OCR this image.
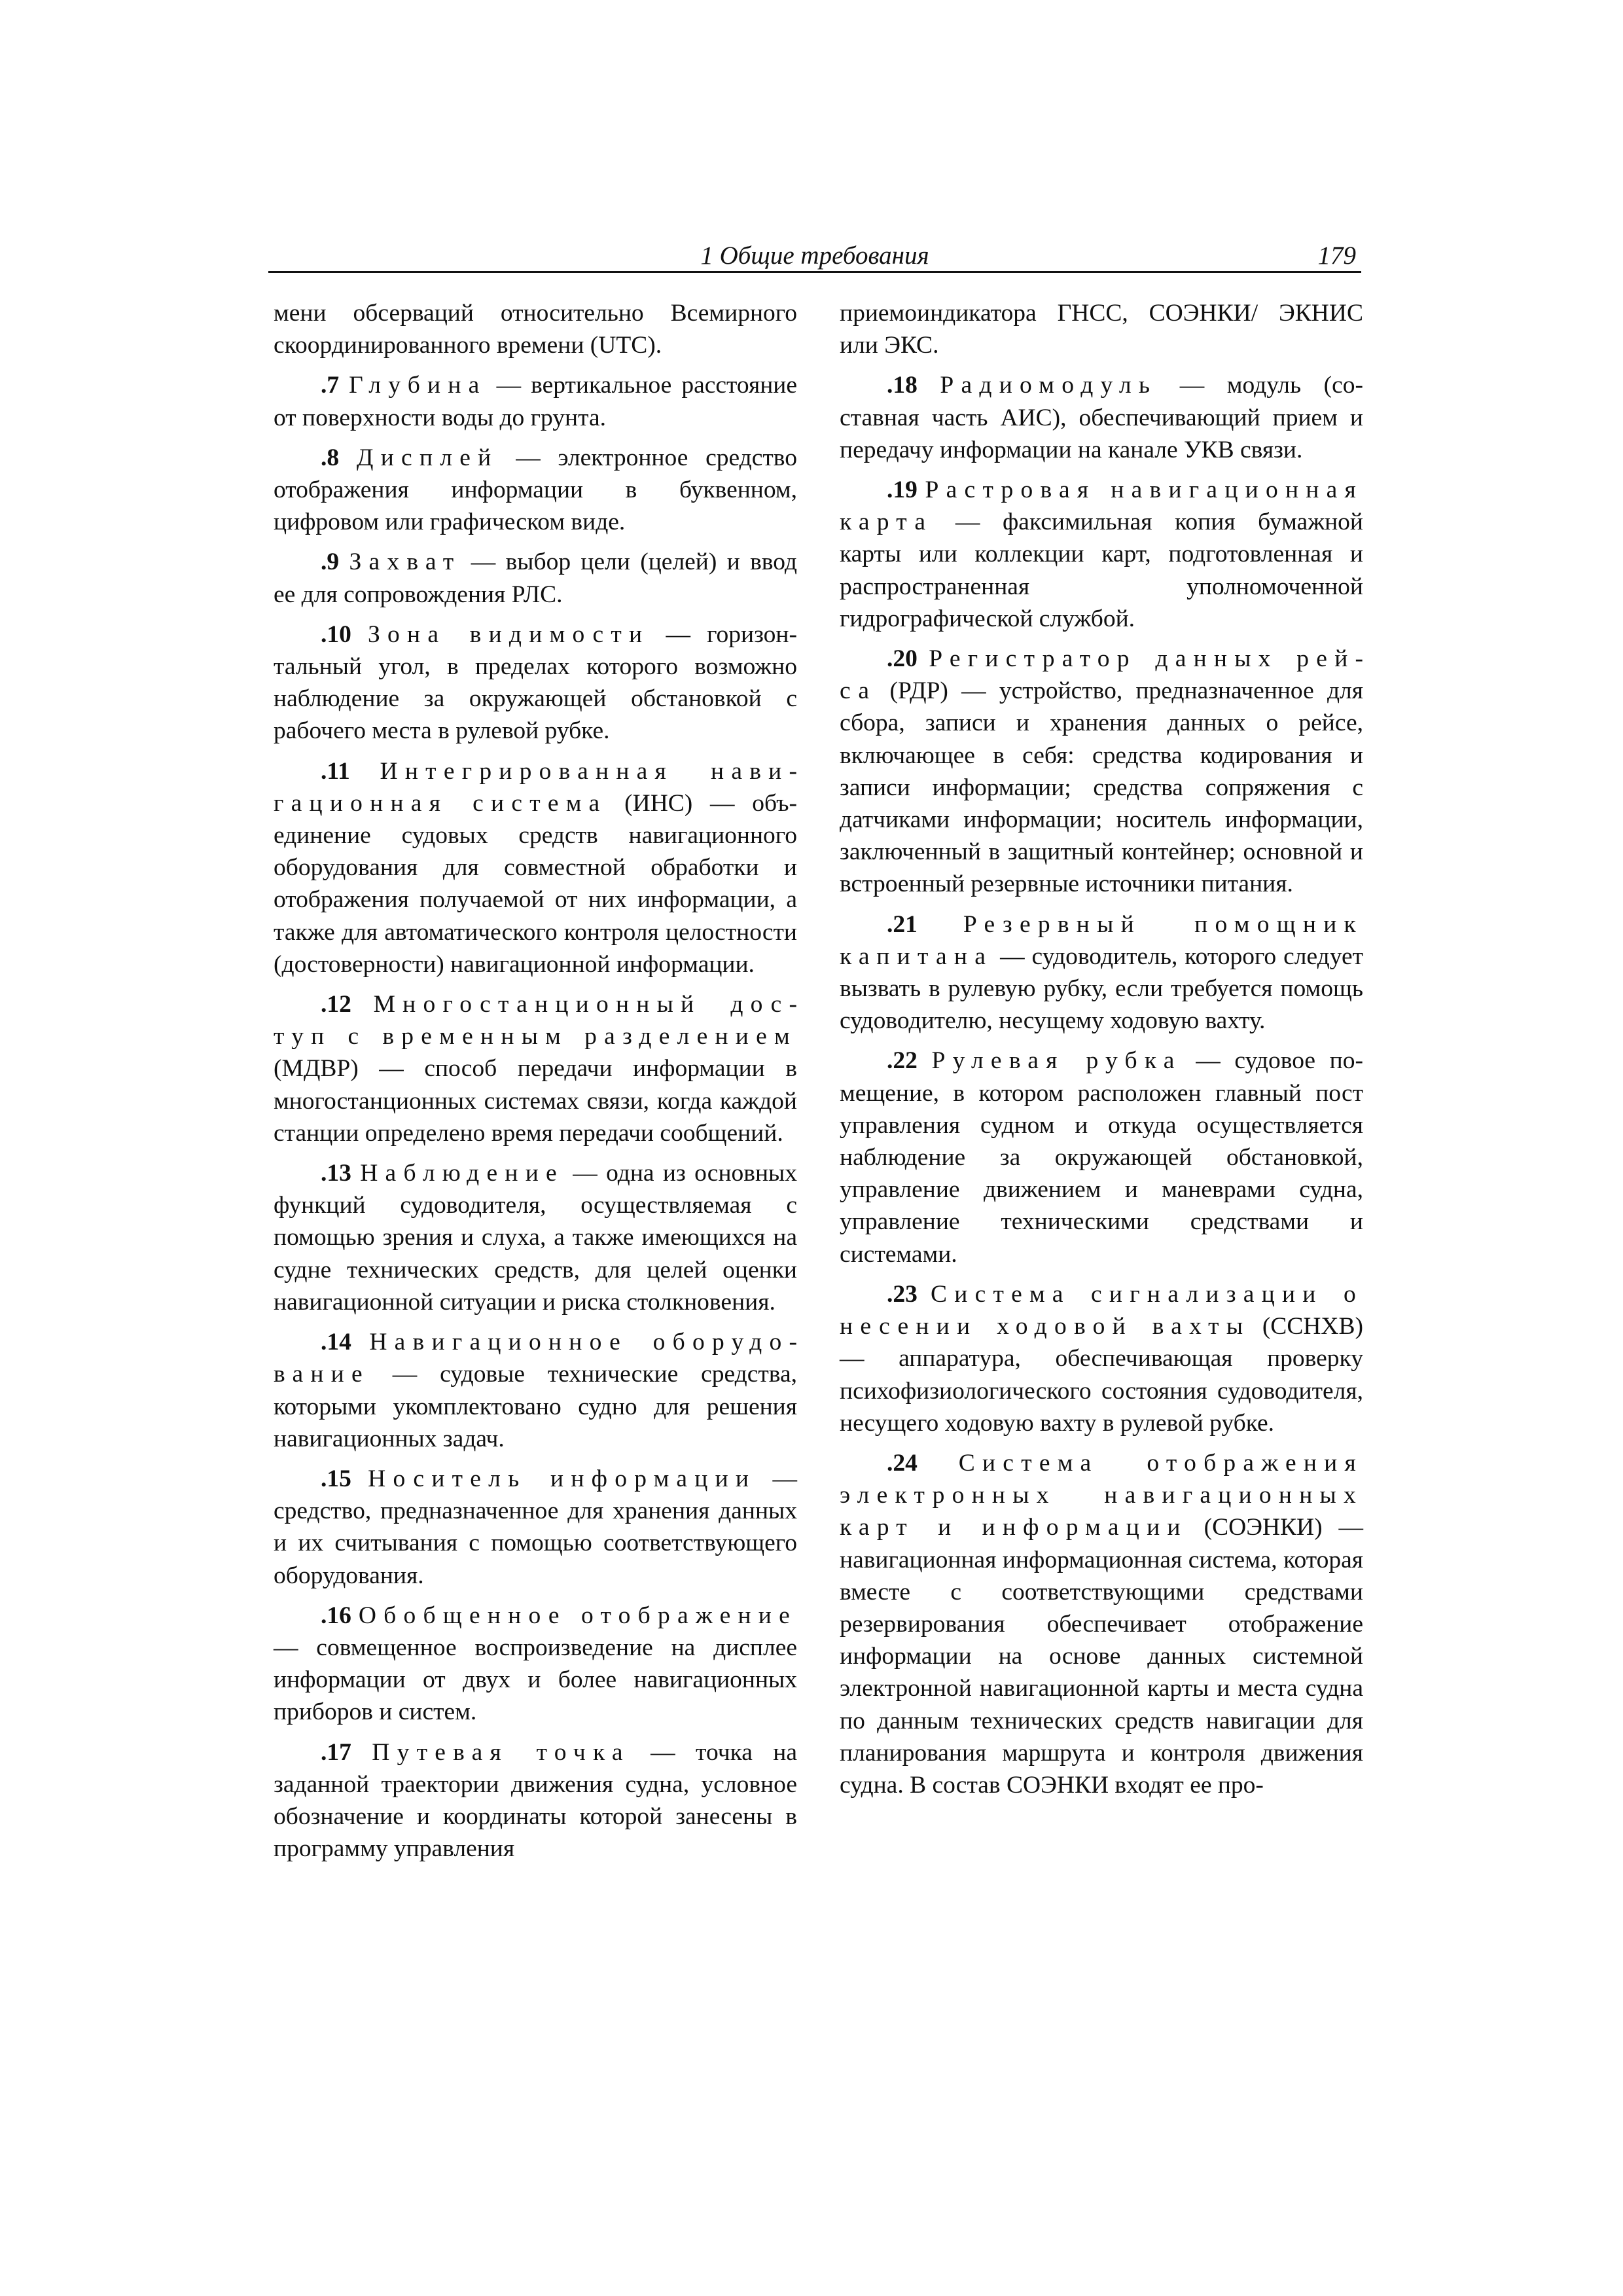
1 Общие требования	179

мени обсерваций относительно Всемирного скоординированного времени (UTC).

.7 Глубина — вертикальное расстояние от поверхности воды до грунта.

.8 Дисплей — электронное средство отображения информации в буквенном, цифровом или графическом виде.

.9 Захват — выбор цели (целей) и ввод ее для сопровождения РЛС.

.10 Зона видимости — горизонтальный угол, в пределах которого возможно наблюдение за окружающей обстановкой с рабочего места в рулевой рубке.

.11 Интегрированная навигационная система (ИНС) — объединение судовых средств навигационного оборудования для совместной обработки и отображения получаемой от них информации, а также для автоматического контроля целостности (достоверности) навигационной информации.

.12 Многостанционный доступ с временным разделением (МДВР) — способ передачи информации в многостанционных системах связи, когда каждой станции определено время передачи сообщений.

.13 Наблюдение — одна из основных функций судоводителя, осуществляемая с помощью зрения и слуха, а также имеющихся на судне технических средств, для целей оценки навигационной ситуации и риска столкновения.

.14 Навигационное оборудование — судовые технические средства, которыми укомплектовано судно для решения навигационных задач.

.15 Носитель информации — средство, предназначенное для хранения данных и их считывания с помощью соответствующего оборудования.

.16 Обобщенное отображение — совмещенное воспроизведение на дисплее информации от двух и более навигационных приборов и систем.

.17 Путевая точка — точка на заданной траектории движения судна, условное обозначение и координаты которой занесены в программу управления

приемоиндикатора ГНСС, СОЭНКИ/ ЭКНИС или ЭКС.

.18 Радиомодуль — модуль (составная часть АИС), обеспечивающий прием и передачу информации на канале УКВ связи.

.19 Растровая навигационная карта — факсимильная копия бумажной карты или коллекции карт, подготовленная и распространенная уполномоченной гидрографической службой.

.20 Регистратор данных рейса (РДР) — устройство, предназначенное для сбора, записи и хранения данных о рейсе, включающее в себя: средства кодирования и записи информации; средства сопряжения с датчиками информации; носитель информации, заключенный в защитный контейнер; основной и встроенный резервные источники питания.

.21 Резервный помощник капитана — судоводитель, которого следует вызвать в рулевую рубку, если требуется помощь судоводителю, несущему ходовую вахту.

.22 Рулевая рубка — судовое помещение, в котором расположен главный пост управления судном и откуда осуществляется наблюдение за окружающей обстановкой, управление движением и маневрами судна, управление техническими средствами и системами.

.23 Система сигнализации о несении ходовой вахты (ССНХВ) — аппаратура, обеспечивающая проверку психофизиологического состояния судоводителя, несущего ходовую вахту в рулевой рубке.

.24 Система отображения электронных навигационных карт и информации (СОЭНКИ) — навигационная информационная система, которая вместе с соответствующими средствами резервирования обеспечивает отображение информации на основе данных системной электронной навигационной карты и места судна по данным технических средств навигации для планирования маршрута и контроля движения судна. В состав СОЭНКИ входят ее про-
